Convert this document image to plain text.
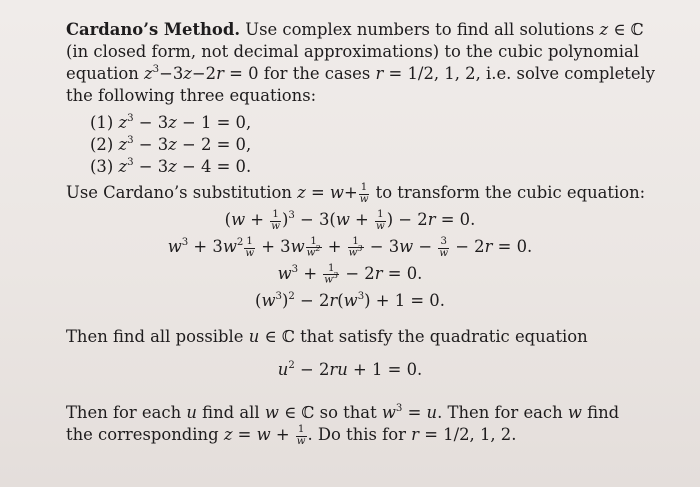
Cardano’s Method. Use complex numbers to find all solutions z ∈ ℂ
(in closed form, not decimal approximations) to the cubic polynomial
equation $z^3-3z-2r = 0$ for the cases r = 1/2, 1, 2, i.e. solve completely
the following three equations:
(1) $z^3 - 3z - 1 = 0$,
(2) $z^3 - 3z - 2 = 0$,
(3) $z^3 - 3z - 4 = 0$.
Use Cardano’s substitution $z = w+ \frac{1}{w}$ to transform the cubic equation:
$(w + \frac{1}{w} )^3 - 3(w + \frac{1}{w}$ ) − 2r = 0.
$w^3 + 3w^2 \frac{1}{w} + 3w \frac{1}{w^2} + \frac{1}{w^3} - 3w - \frac{3}{w} - 2r = 0$.
$w^3 + \frac{1}{w^3} - 2r = 0$.
$(w^3)^2 - 2r(w^3) + 1 = 0$.
Then find all possible u ∈ ℂ that satisfy the quadratic equation
$u^2 - 2ru + 1 = 0$.
Then for each u find all w ∈ ℂ so that $w^3 = u$. Then for each w find
the corresponding $z = w + \frac{1}{w}$ . Do this for r = 1/2, 1, 2.
